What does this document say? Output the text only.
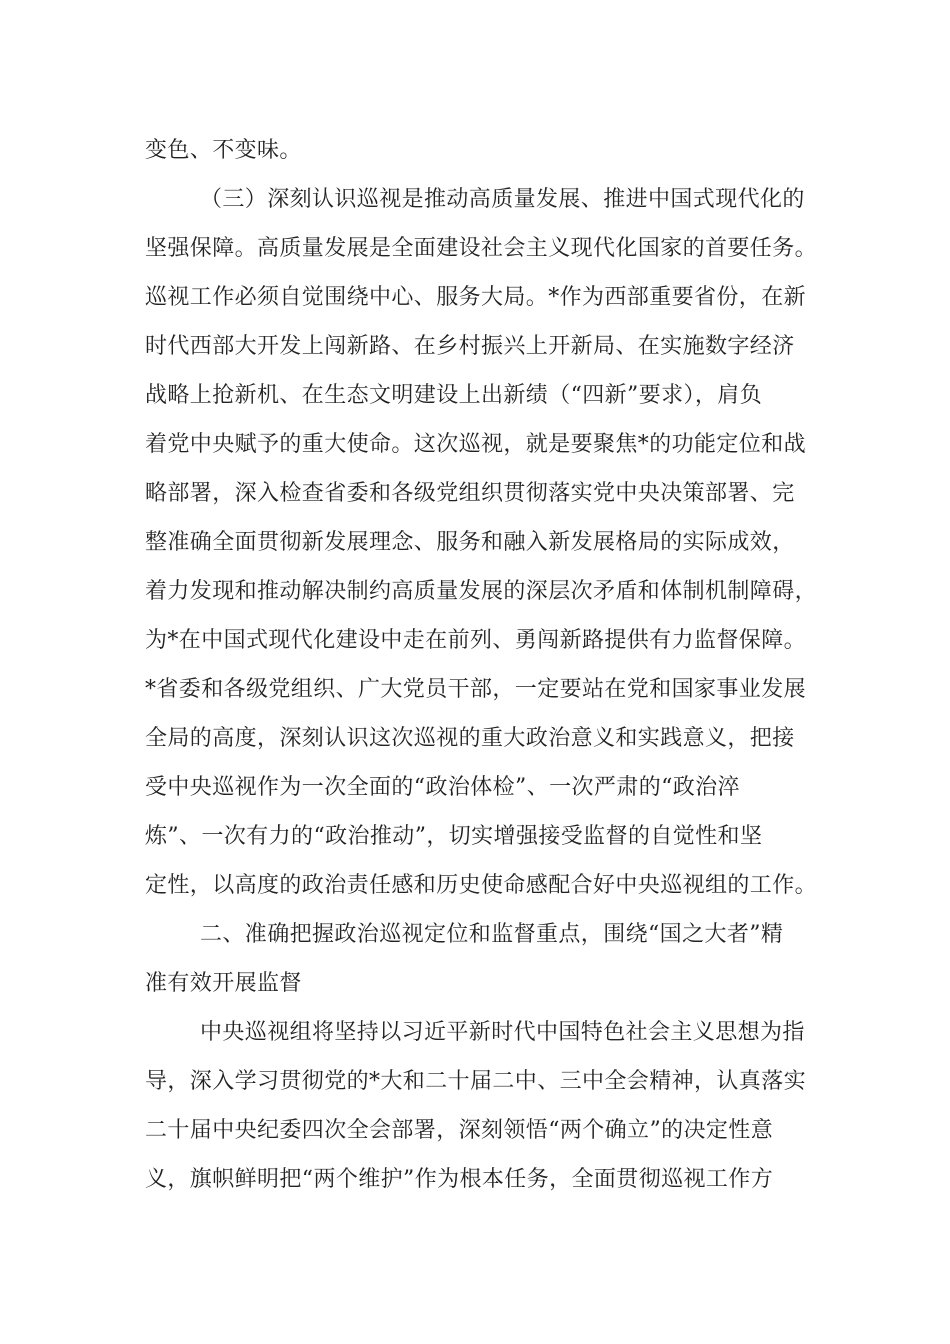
变色、不变味。
（三）深刻认识巡视是推动高质量发展、推进中国式现代化的
坚强保障。高质量发展是全面建设社会主义现代化国家的首要任务。
巡视工作必须自觉围绕中心、服务大局。*作为西部重要省份，在新
时代西部大开发上闯新路、在乡村振兴上开新局、在实施数字经济
战略上抢新机、在生态文明建设上出新绩（“四新”要求），肩负
着党中央赋予的重大使命。这次巡视，就是要聚焦*的功能定位和战
略部署，深入检查省委和各级党组织贯彻落实党中央决策部署、完
整准确全面贯彻新发展理念、服务和融入新发展格局的实际成效，
着力发现和推动解决制约高质量发展的深层次矛盾和体制机制障碍，
为*在中国式现代化建设中走在前列、勇闯新路提供有力监督保障。
*省委和各级党组织、广大党员干部，一定要站在党和国家事业发展
全局的高度，深刻认识这次巡视的重大政治意义和实践意义，把接
受中央巡视作为一次全面的“政治体检”、一次严肃的“政治淬
炼”、一次有力的“政治推动”，切实增强接受监督的自觉性和坚
定性，以高度的政治责任感和历史使命感配合好中央巡视组的工作。
二、准确把握政治巡视定位和监督重点，围绕“国之大者”精
准有效开展监督
中央巡视组将坚持以习近平新时代中国特色社会主义思想为指
导，深入学习贯彻党的*大和二十届二中、三中全会精神，认真落实
二十届中央纪委四次全会部署，深刻领悟“两个确立”的决定性意
义，旗帜鲜明把“两个维护”作为根本任务，全面贯彻巡视工作方
